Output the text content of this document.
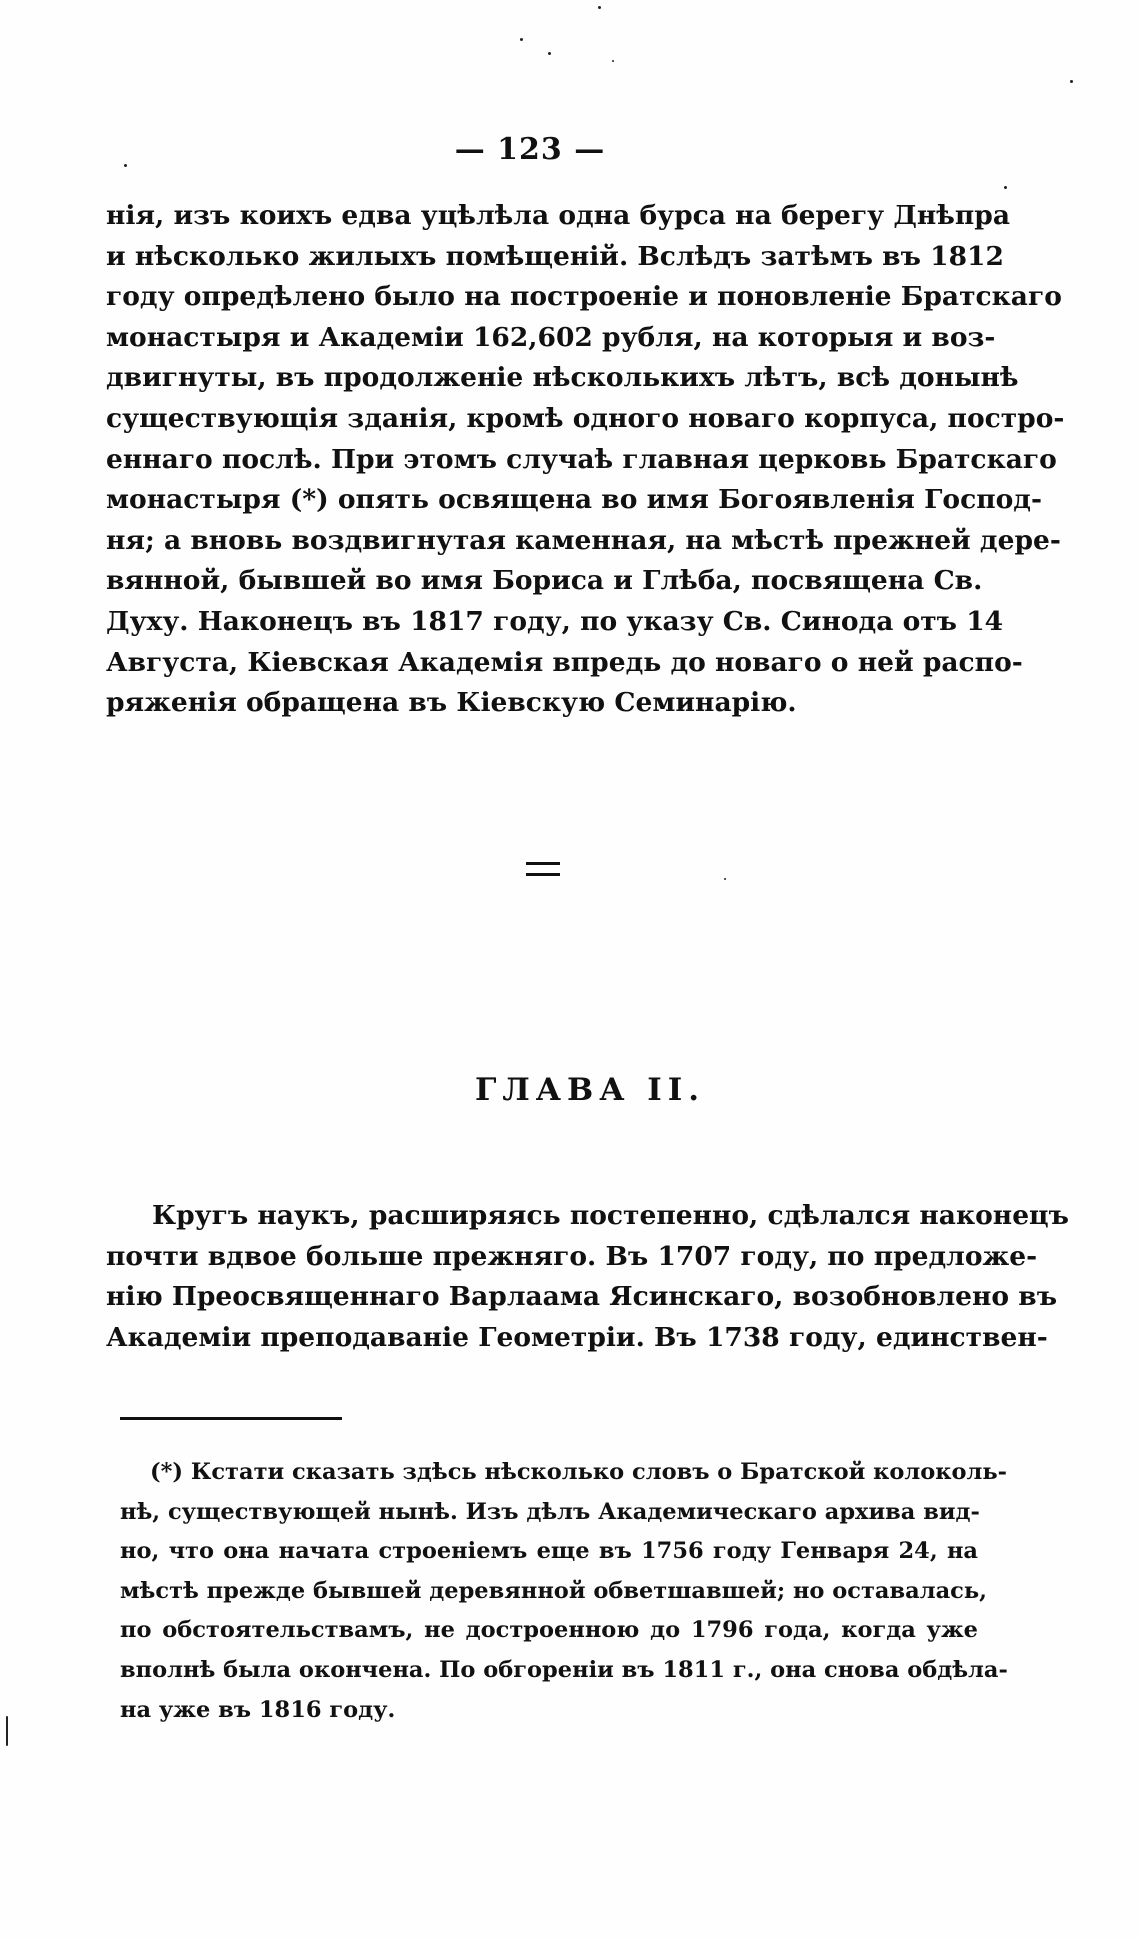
— 123 —
нія, изъ коихъ едва уцѣлѣла одна бурса на берегу Днѣпра
и нѣсколько жилыхъ помѣщеній. Вслѣдъ затѣмъ въ 1812
году опредѣлено было на построеніе и поновленіе Братскаго
монастыря и Академіи 162,602 рубля, на которыя и воз-
двигнуты, въ продолженіе нѣсколькихъ лѣтъ, всѣ донынѣ
существующія зданія, кромѣ одного новаго корпуса, постро-
еннаго послѣ. При этомъ случаѣ главная церковь Братскаго
монастыря (*) опять освящена во имя Богоявленія Господ-
ня; а вновь воздвигнутая каменная, на мѣстѣ прежней дере-
вянной, бывшей во имя Бориса и Глѣба, посвящена Св.
Духу. Наконецъ въ 1817 году, по указу Св. Синода отъ 14
Августа, Кіевская Академія впредь до новаго о ней распо-
ряженія обращена въ Кіевскую Семинарію.
ГЛАВА II.
Кругъ наукъ, расширяясь постепенно, сдѣлался наконецъ
почти вдвое больше прежняго. Въ 1707 году, по предложе-
нію Преосвященнаго Варлаама Ясинскаго, возобновлено въ
Академіи преподаваніе Геометріи. Въ 1738 году, единствен-
(*) Кстати сказать здѣсь нѣсколько словъ о Братской колоколь-
нѣ, существующей нынѣ. Изъ дѣлъ Академическаго архива вид-
но, что она начата строеніемъ еще въ 1756 году Генваря 24, на
мѣстѣ прежде бывшей деревянной обветшавшей; но оставалась,
по обстоятельствамъ, не достроенною до 1796 года, когда уже
вполнѣ была окончена. По обгореніи въ 1811 г., она снова обдѣла-
на уже въ 1816 году.
